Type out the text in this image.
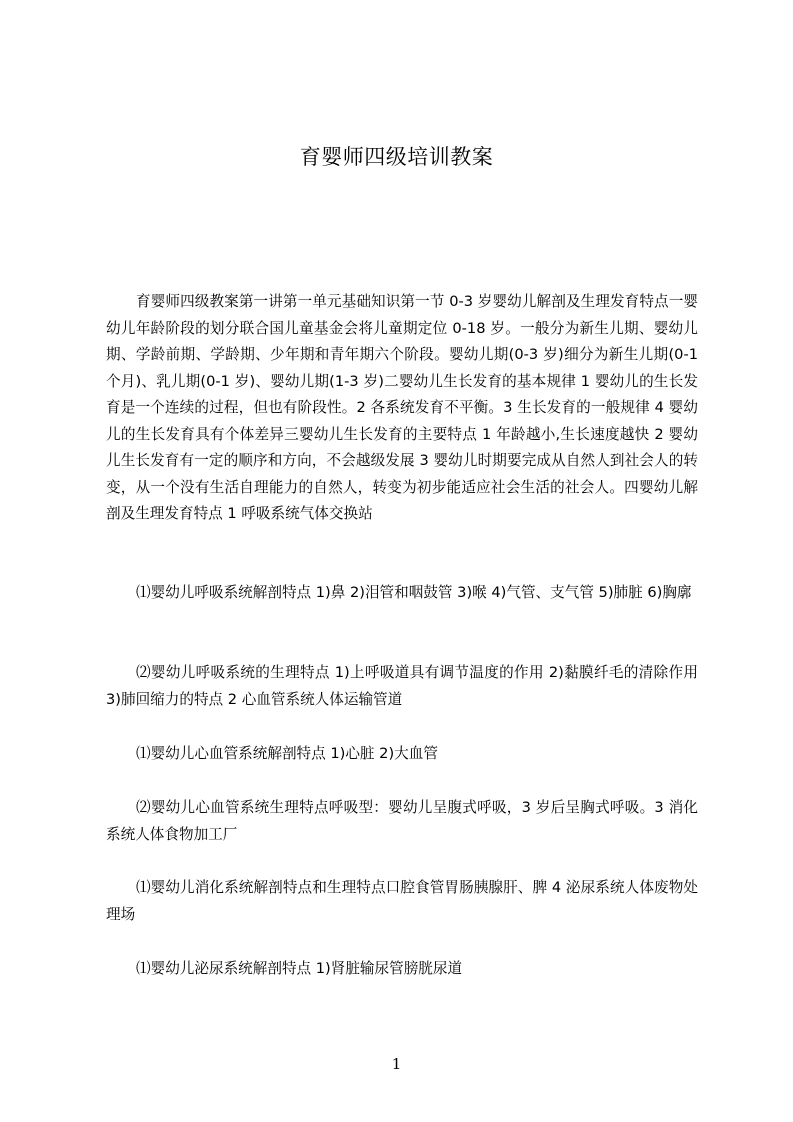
育婴师四级培训教案

育婴师四级教案第一讲第一单元基础知识第一节 0-3 岁婴幼儿解剖及生理发育特点一婴幼儿年龄阶段的划分联合国儿童基金会将儿童期定位 0-18 岁。一般分为新生儿期、婴幼儿期、学龄前期、学龄期、少年期和青年期六个阶段。婴幼儿期(0-3 岁)细分为新生儿期(0-1 个月)、乳儿期(0-1 岁)、婴幼儿期(1-3 岁)二婴幼儿生长发育的基本规律 1 婴幼儿的生长发育是一个连续的过程，但也有阶段性。2 各系统发育不平衡。3 生长发育的一般规律 4 婴幼儿的生长发育具有个体差异三婴幼儿生长发育的主要特点 1 年龄越小,生长速度越快 2 婴幼儿生长发育有一定的顺序和方向，不会越级发展 3 婴幼儿时期要完成从自然人到社会人的转变，从一个没有生活自理能力的自然人，转变为初步能适应社会生活的社会人。四婴幼儿解剖及生理发育特点 1 呼吸系统气体交换站

⑴婴幼儿呼吸系统解剖特点 1)鼻 2)泪管和咽鼓管 3)喉 4)气管、支气管 5)肺脏 6)胸廓

⑵婴幼儿呼吸系统的生理特点 1)上呼吸道具有调节温度的作用 2)黏膜纤毛的清除作用 3)肺回缩力的特点 2 心血管系统人体运输管道

⑴婴幼儿心血管系统解剖特点 1)心脏 2)大血管

⑵婴幼儿心血管系统生理特点呼吸型：婴幼儿呈腹式呼吸，3 岁后呈胸式呼吸。3 消化系统人体食物加工厂

⑴婴幼儿消化系统解剖特点和生理特点口腔食管胃肠胰腺肝、脾 4 泌尿系统人体废物处理场

⑴婴幼儿泌尿系统解剖特点 1)肾脏输尿管膀胱尿道

1
